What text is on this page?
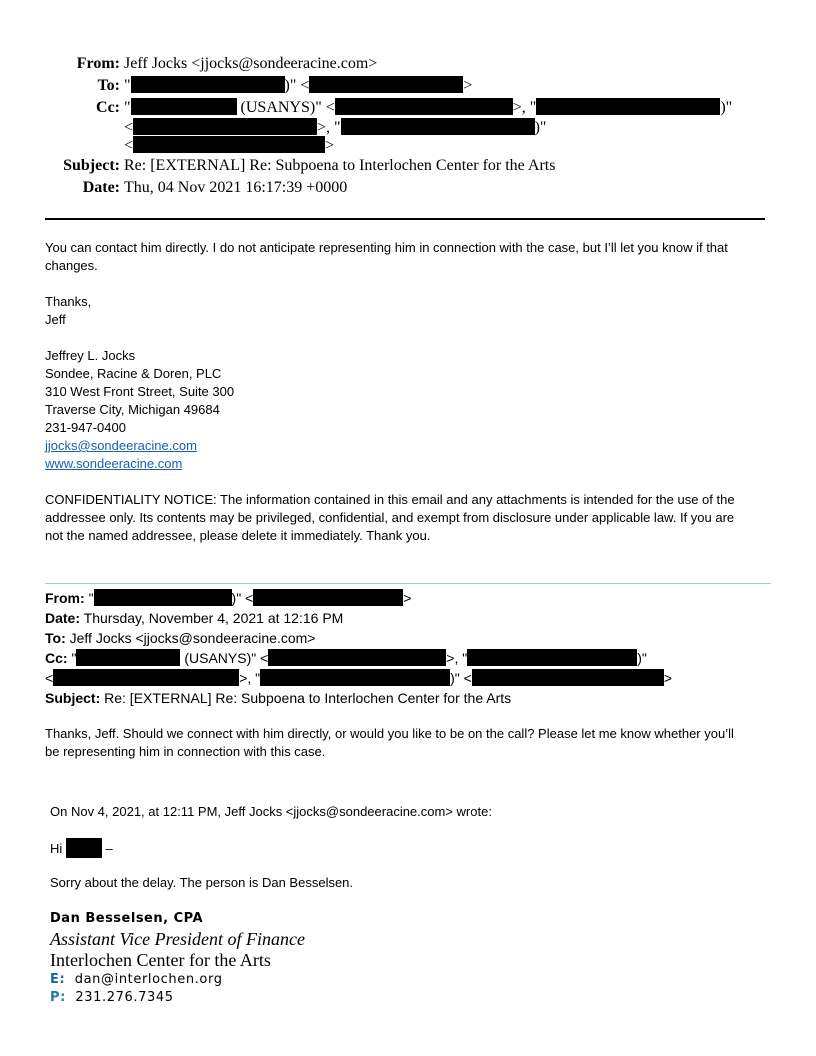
From: Jeff Jocks <jjocks@sondeeracine.com>
To: "	)" <	>
Cc: "	(USANYS)" <	>, "	)"
<	>, "	)"
<	>
Subject: Re: [EXTERNAL] Re: Subpoena to Interlochen Center for the Arts
Date: Thu, 04 Nov 2021 16:17:39 +0000
You can contact him directly. I do not anticipate representing him in connection with the case, but I’ll let you know if that
changes.
Thanks,
Jeff
Jeffrey L. Jocks
Sondee, Racine & Doren, PLC
310 West Front Street, Suite 300
Traverse City, Michigan 49684
231-947-0400
jjocks@sondeeracine.com
www.sondeeracine.com
CONFIDENTIALITY NOTICE: The information contained in this email and any attachments is intended for the use of the
addressee only. Its contents may be privileged, confidential, and exempt from disclosure under applicable law. If you are
not the named addressee, please delete it immediately. Thank you.
From: "	)" <	>
Date: Thursday, November 4, 2021 at 12:16 PM
To: Jeff Jocks <jjocks@sondeeracine.com>
Cc: "	(USANYS)" <	>, "	)"
<	>, "	)" <	>
Subject: Re: [EXTERNAL] Re: Subpoena to Interlochen Center for the Arts
Thanks, Jeff. Should we connect with him directly, or would you like to be on the call? Please let me know whether you’ll
be representing him in connection with this case.
On Nov 4, 2021, at 12:11 PM, Jeff Jocks <jjocks@sondeeracine.com> wrote:
Hi	–
Sorry about the delay. The person is Dan Besselsen.
Dan Besselsen, CPA
Assistant Vice President of Finance
Interlochen Center for the Arts
E: dan@interlochen.org
P: 231.276.7345
